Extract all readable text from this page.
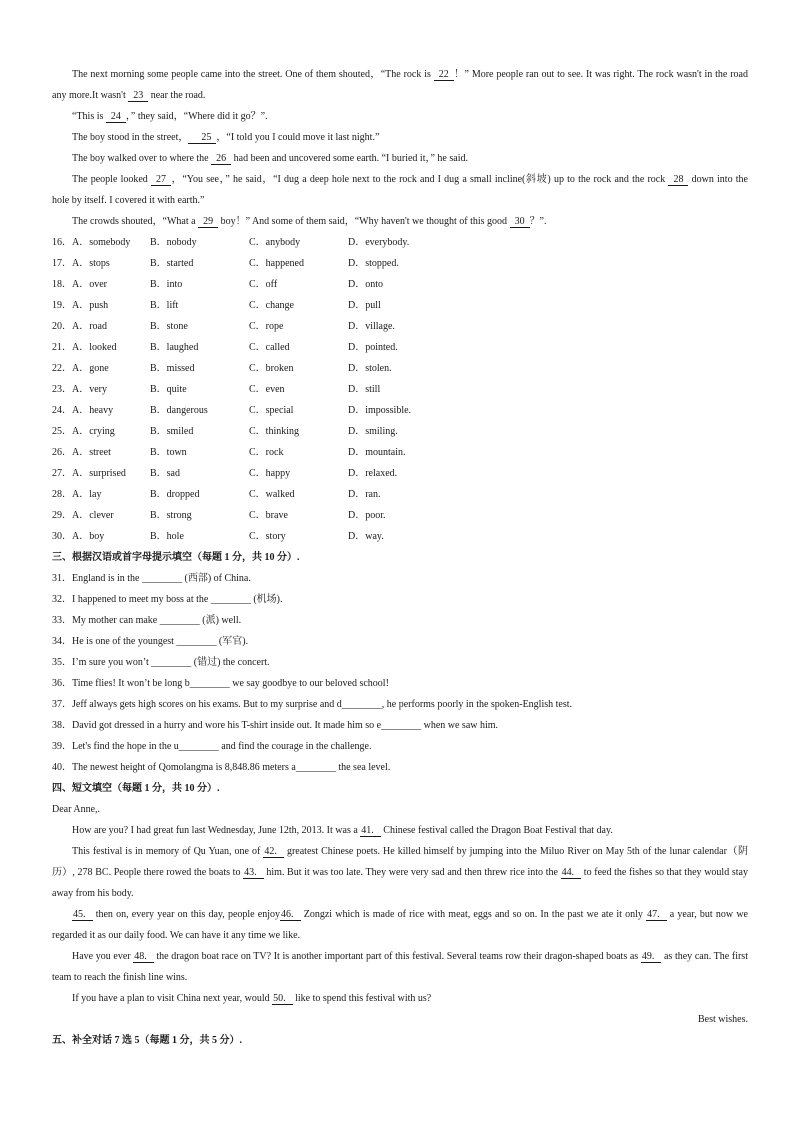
The next morning some people came into the street. One of them shouted，“The rock is 22 ！” More people ran out to see. It was right. The rock wasn't in the road
any more.It wasn't 23 near the road.
“This is 24 ，” they said，“Where did it go？”.
The boy stood in the street， 25 ，“I told you I could move it last night.”
The boy walked over to where the 26 had been and uncovered some earth. “I buried it，” he said.
The people looked 27 ，“You see，” he said，“I dug a deep hole next to the rock and I dug a small incline(斜坡) up to the rock and the rock 28 down into the
hole by itself. I covered it with earth.”
The crowds shouted，“What a 29 boy！” And some of them said，“Why haven't we thought of this good 30 ？”.
16． A．somebody B．nobody	C．anybody	D．everybody.
17． A．stops	B．started	C．happened	D．stopped.
18． A．over	B．into	C．off	D．onto
19． A．push	B．lift	C．change	D．pull
20． A．road	B．stone	C．rope	D．village.
21． A．looked	B．laughed	C．called	D．pointed.
22． A．gone	B．missed	C．broken	D．stolen.
23． A．very	B．quite	C．even	D．still
24． A．heavy	B．dangerous	C．special	D．impossible.
25． A．crying	B．smiled	C．thinking	D．smiling.
26． A．street	B．town	C．rock	D．mountain.
27． A．surprised B．sad	C．happy	D．relaxed.
28． A．lay	B．dropped	C．walked	D．ran.
29． A．clever	B．strong	C．brave	D．poor.
30． A．boy	B．hole	C．story	D．way.
三、根据汉语或首字母提示填空（每题 1 分，共 10 分）.
31．England is in the ________ (西部) of China.
32．I happened to meet my boss at the ________ (机场).
33．My mother can make ________ (派) well.
34．He is one of the youngest ________ (军官).
35．I’m sure you won’t ________ (错过) the concert.
36．Time flies! It won’t be long b________ we say goodbye to our beloved school!
37．Jeff always gets high scores on his exams. But to my surprise and d________, he performs poorly in the spoken-English test.
38．David got dressed in a hurry and wore his T-shirt inside out. It made him so e________ when we saw him.
39．Let's find the hope in the u________ and find the courage in the challenge.
40．The newest height of Qomolangma is 8,848.86 meters a________ the sea level.
四、短文填空（每题 1 分，共 10 分）.
Dear Anne,.
How are you? I had great fun last Wednesday, June 12th, 2013. It was a 41. Chinese festival called the Dragon Boat Festival that day.
This festival is in memory of Qu Yuan, one of 42. greatest Chinese poets. He killed himself by jumping into the Miluo River on May 5th of the lunar calendar（阴
历）, 278 BC. People there rowed the boats to 43. him. But it was too late. They were very sad and then threw rice into the 44. to feed the fishes so that they would stay
away from his body.
45. then on, every year on this day, people enjoy46. Zongzi which is made of rice with meat, eggs and so on. In the past we ate it only 47. a year, but now we
regarded it as our daily food. We can have it any time we like.
Have you ever 48. the dragon boat race on TV? It is another important part of this festival. Several teams row their dragon-shaped boats as 49. as they can. The first
team to reach the finish line wins.
If you have a plan to visit China next year, would 50. like to spend this festival with us?
Best wishes.
五、补全对话 7 选 5（每题 1 分，共 5 分）.
